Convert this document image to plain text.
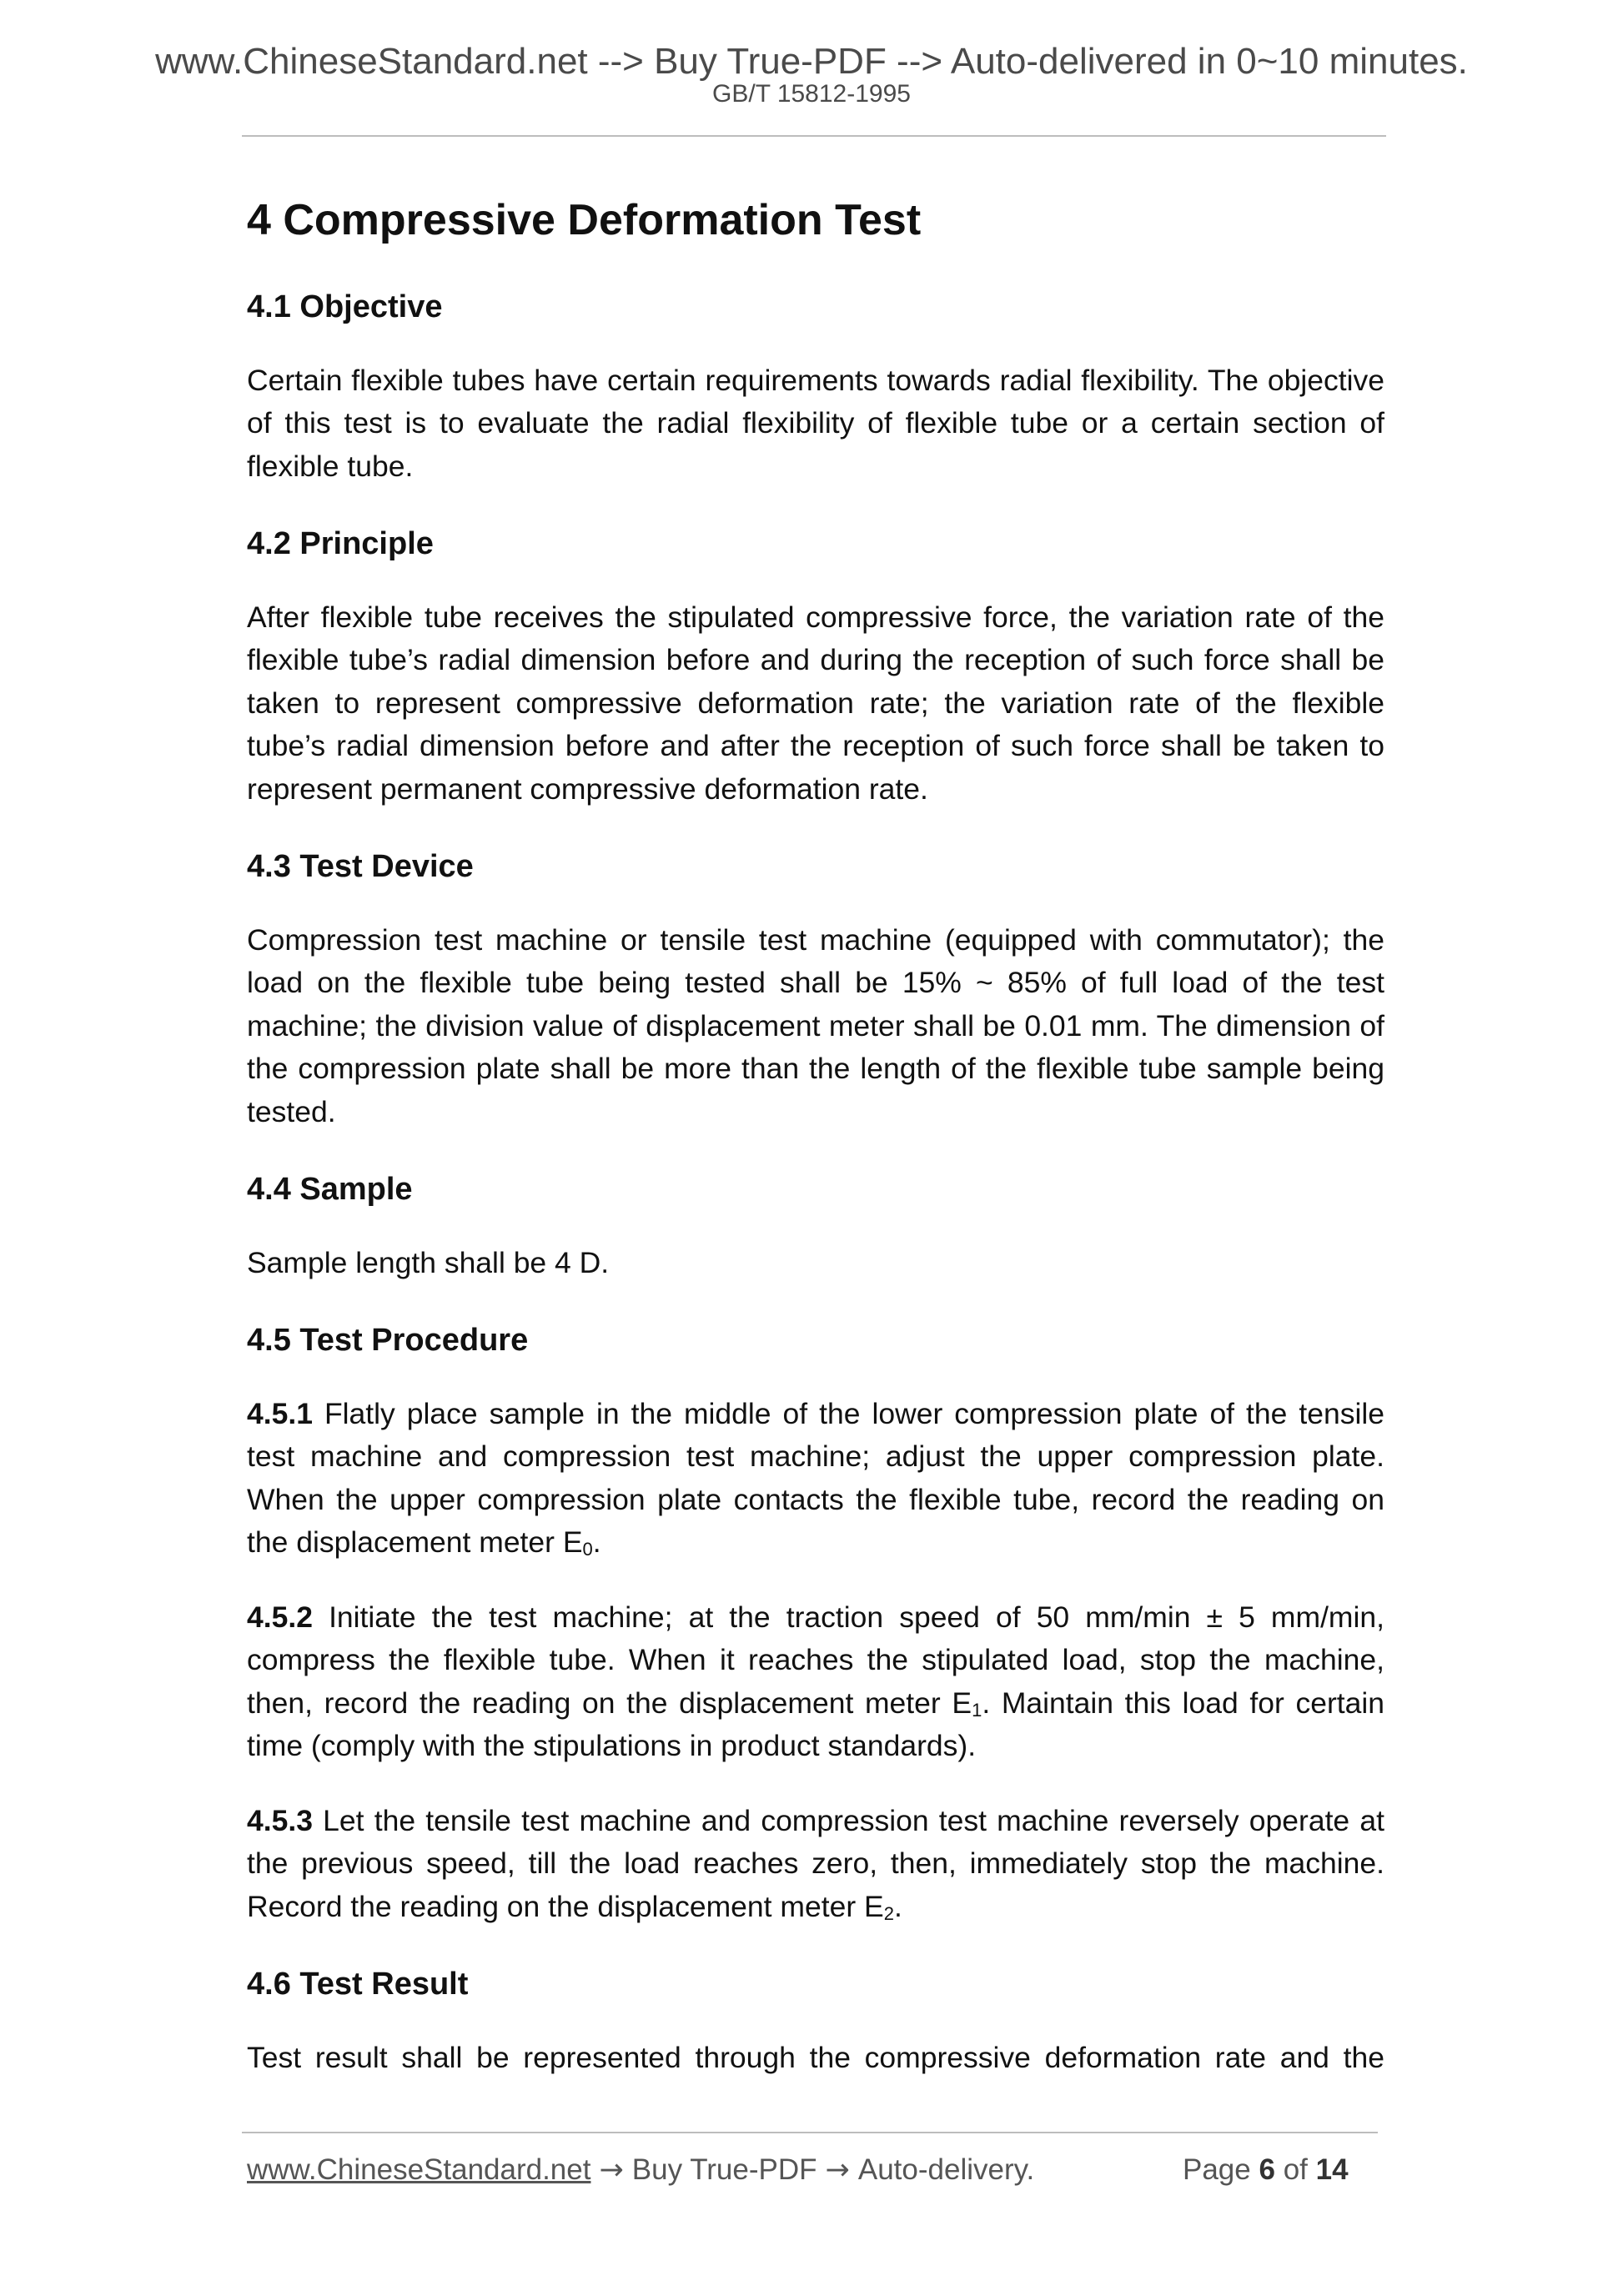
www.ChineseStandard.net --> Buy True-PDF --> Auto-delivered in 0~10 minutes.
GB/T 15812-1995
4 Compressive Deformation Test
4.1 Objective

Certain flexible tubes have certain requirements towards radial flexibility. The objective of this test is to evaluate the radial flexibility of flexible tube or a certain section of flexible tube.

4.2 Principle

After flexible tube receives the stipulated compressive force, the variation rate of the flexible tube’s radial dimension before and during the reception of such force shall be taken to represent compressive deformation rate; the variation rate of the flexible tube’s radial dimension before and after the reception of such force shall be taken to represent permanent compressive deformation rate.

4.3 Test Device

Compression test machine or tensile test machine (equipped with commutator); the load on the flexible tube being tested shall be 15% ~ 85% of full load of the test machine; the division value of displacement meter shall be 0.01 mm. The dimension of the compression plate shall be more than the length of the flexible tube sample being tested.

4.4 Sample

Sample length shall be 4 D.

4.5 Test Procedure

4.5.1 Flatly place sample in the middle of the lower compression plate of the tensile test machine and compression test machine; adjust the upper compression plate. When the upper compression plate contacts the flexible tube, record the reading on the displacement meter $E_0$.

4.5.2 Initiate the test machine; at the traction speed of 50 mm/min ± 5 mm/min, compress the flexible tube. When it reaches the stipulated load, stop the machine, then, record the reading on the displacement meter $E_1$. Maintain this load for certain time (comply with the stipulations in product standards).

4.5.3 Let the tensile test machine and compression test machine reversely operate at the previous speed, till the load reaches zero, then, immediately stop the machine. Record the reading on the displacement meter $E_2$.

4.6 Test Result

Test result shall be represented through the compressive deformation rate and the

www.ChineseStandard.net → Buy True-PDF → Auto-delivery.	Page 6 of 14
